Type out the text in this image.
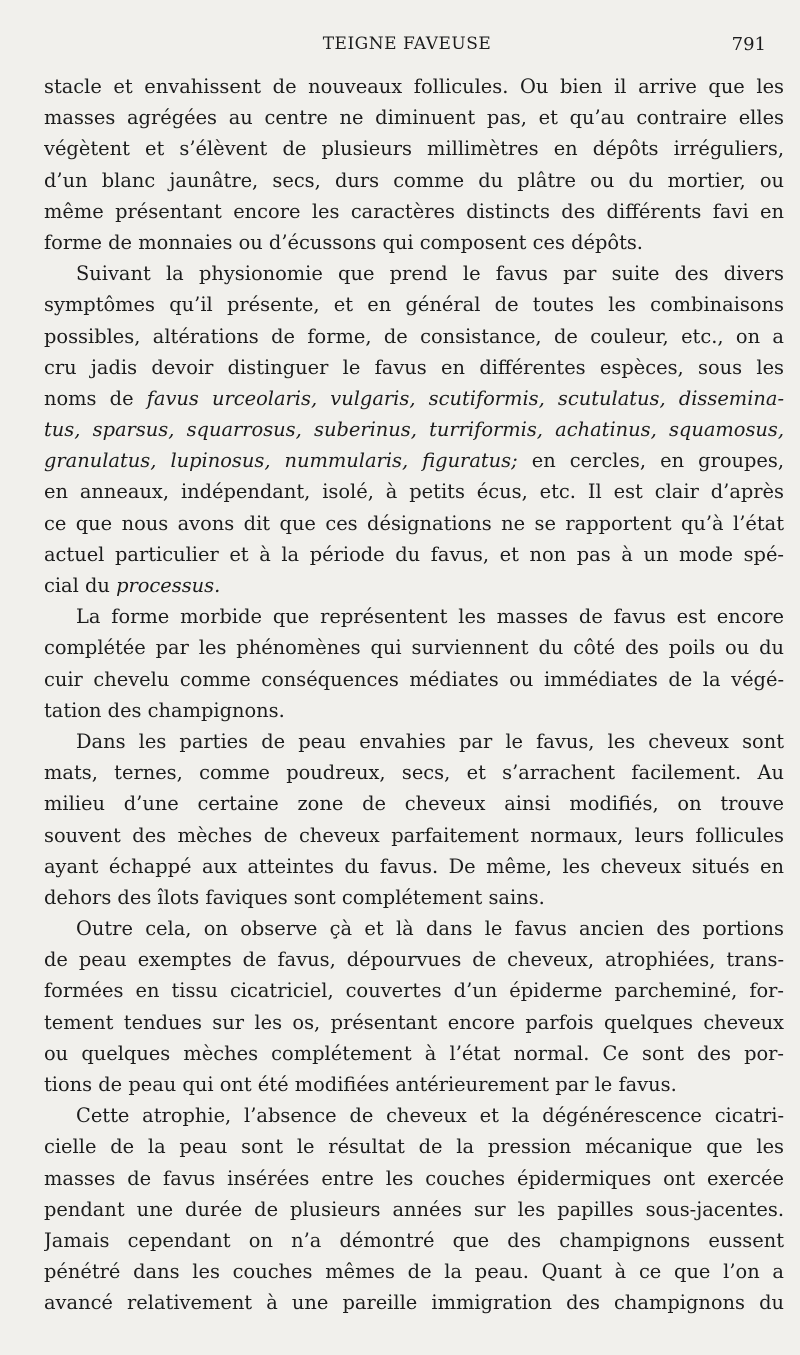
TEIGNE FAVEUSE	791
stacle et envahissent de nouveaux follicules. Ou bien il arrive que les
masses agrégées au centre ne diminuent pas, et qu’au contraire elles
végètent et s’élèvent de plusieurs millimètres en dépôts irréguliers,
d’un blanc jaunâtre, secs, durs comme du plâtre ou du mortier, ou
même présentant encore les caractères distincts des différents favi en
forme de monnaies ou d’écussons qui composent ces dépôts.
Suivant la physionomie que prend le favus par suite des divers
symptômes qu’il présente, et en général de toutes les combinaisons
possibles, altérations de forme, de consistance, de couleur, etc., on a
cru jadis devoir distinguer le favus en différentes espèces, sous les
noms de favus urceolaris, vulgaris, scutiformis, scutulatus, dissemina-
tus, sparsus, squarrosus, suberinus, turriformis, achatinus, squamosus,
granulatus, lupinosus, nummularis, figuratus; en cercles, en groupes,
en anneaux, indépendant, isolé, à petits écus, etc. Il est clair d’après
ce que nous avons dit que ces désignations ne se rapportent qu’à l’état
actuel particulier et à la période du favus, et non pas à un mode spé-
cial du processus.
La forme morbide que représentent les masses de favus est encore
complétée par les phénomènes qui surviennent du côté des poils ou du
cuir chevelu comme conséquences médiates ou immédiates de la végé-
tation des champignons.
Dans les parties de peau envahies par le favus, les cheveux sont
mats, ternes, comme poudreux, secs, et s’arrachent facilement. Au
milieu d’une certaine zone de cheveux ainsi modifiés, on trouve
souvent des mèches de cheveux parfaitement normaux, leurs follicules
ayant échappé aux atteintes du favus. De même, les cheveux situés en
dehors des îlots faviques sont complétement sains.
Outre cela, on observe çà et là dans le favus ancien des portions
de peau exemptes de favus, dépourvues de cheveux, atrophiées, trans-
formées en tissu cicatriciel, couvertes d’un épiderme parcheminé, for-
tement tendues sur les os, présentant encore parfois quelques cheveux
ou quelques mèches complétement à l’état normal. Ce sont des por-
tions de peau qui ont été modifiées antérieurement par le favus.
Cette atrophie, l’absence de cheveux et la dégénérescence cicatri-
cielle de la peau sont le résultat de la pression mécanique que les
masses de favus insérées entre les couches épidermiques ont exercée
pendant une durée de plusieurs années sur les papilles sous-jacentes.
Jamais cependant on n’a démontré que des champignons eussent
pénétré dans les couches mêmes de la peau. Quant à ce que l’on a
avancé relativement à une pareille immigration des champignons du
